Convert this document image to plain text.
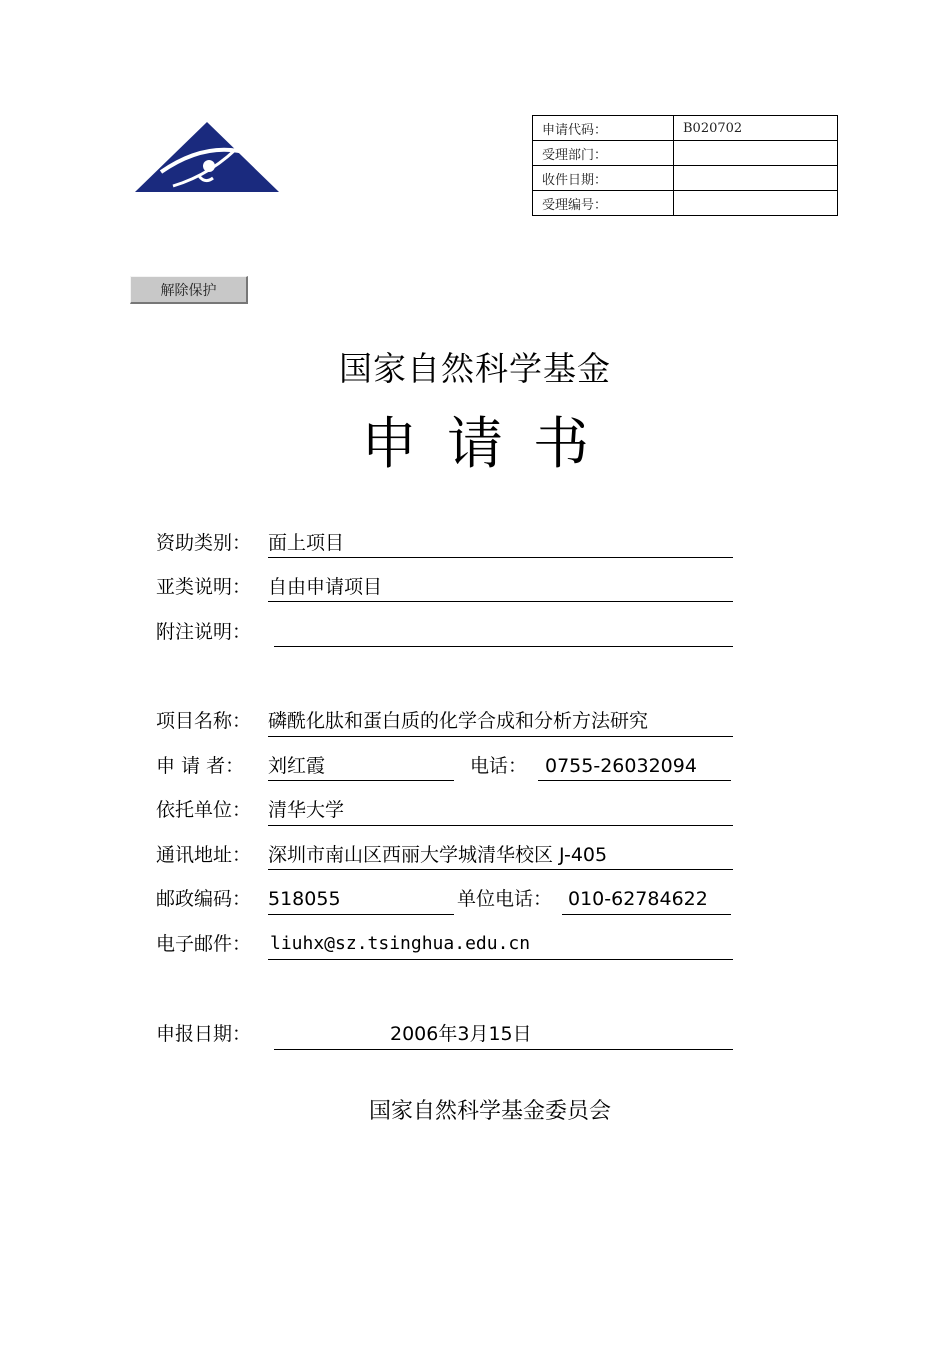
申请代码：	B020702
受理部门：	
收件日期：	
受理编号：	
解除保护
国家自然科学基金
申请书
资助类别： 面上项目
亚类说明： 自由申请项目
附注说明：
项目名称： 磷酰化肽和蛋白质的化学合成和分析方法研究
申 请 者： 刘红霞	电话： 0755-26032094
依托单位： 清华大学
通讯地址： 深圳市南山区西丽大学城清华校区 J-405
邮政编码： 518055	单位电话： 010-62784622
电子邮件： liuhx@sz.tsinghua.edu.cn
申报日期：	2006年3月15日
国家自然科学基金委员会
